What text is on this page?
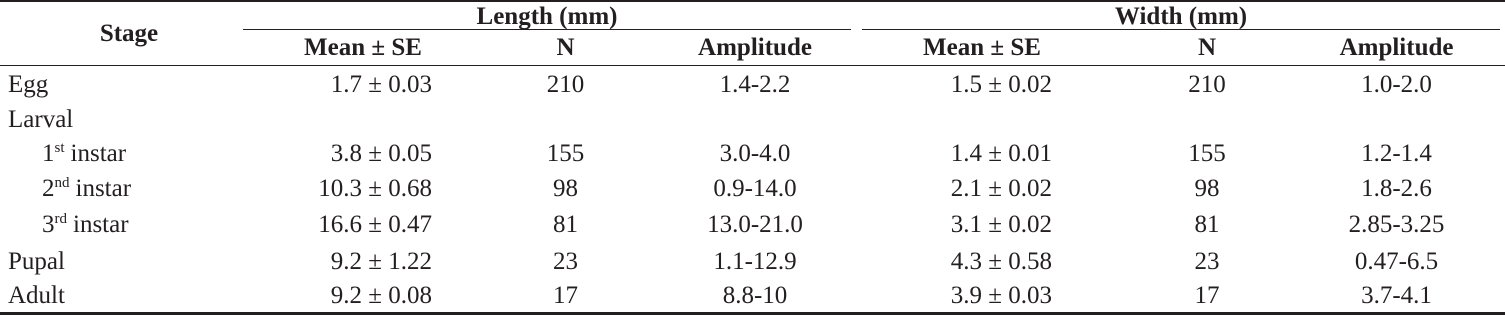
Stage	Length (mm)			Width (mm)		

	Mean ± SE	N	Amplitude	Mean ± SE	N	Amplitude
Egg	1.7 ± 0.03	210	1.4-2.2	1.5 ± 0.02	210	1.0-2.0
Larval						
1st instar	3.8 ± 0.05	155	3.0-4.0	1.4 ± 0.01	155	1.2-1.4
2nd instar	10.3 ± 0.68	98	0.9-14.0	2.1 ± 0.02	98	1.8-2.6
3rd instar	16.6 ± 0.47	81	13.0-21.0	3.1 ± 0.02	81	2.85-3.25
Pupal	9.2 ± 1.22	23	1.1-12.9	4.3 ± 0.58	23	0.47-6.5
Adult	9.2 ± 0.08	17	8.8-10	3.9 ± 0.03	17	3.7-4.1
